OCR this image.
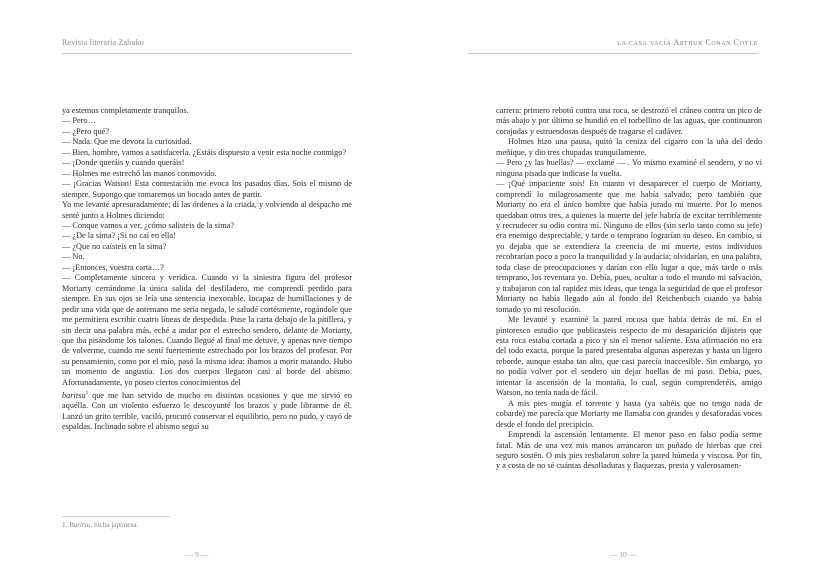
Revista literaria Zabuko

ya estemos completamente tranquilos.

— Pero…

— ¿Pero qué?

— Nada. Que me devora la curiosidad.

— Bien, hombre, vamos a satisfacerla. ¿Estáis dispuesto a venir esta noche conmigo?

— ¡Donde queráis y cuando queráis!

— Holmes me estrechó las manos conmovido.

— ¡Gracias Watson! Esta contestación me evoca los pasados días. Sois el mismo de siempre. Supongo que tomaremos un bocado antes de partir.

Yo me levanté apresuradamente; di las órdenes a la criada, y volviendo al despacho me senté junto a Holmes diciendo:

— Conque vamos a ver, ¿cómo salisteis de la sima?

— ¿De la sima? ¡Si no caí en ella!

— ¿Que no caísteis en la sima?

— No.

— ¡Entonces, vuestra carta…?

— Completamente sincera y verídica. Cuando vi la siniestra figura del profesor Moriarty cerrándome la única salida del desfiladero, me comprendí perdido para siempre. En sus ojos se leía una sentencia inexorable. Incapaz de humillaciones y de pedir una vida que de antemano me sería negada, le saludé cortésmente, rogándole que me permitiera escribir cuatro líneas de despedida. Puse la carta debajo de la pitillera, y sin decir una palabra más, eché a andar por el estrecho sendero, delante de Moriarty, que iba pisándome los talones. Cuando llegué al final me detuve, y apenas tuve tiempo de volverme, cuando me sentí fuertemente estrechado por los brazos del profesor. Por su pensamiento, como por el mío, pasó la misma idea: íbamos a morir matando. Hubo un momento de angustia. Los dos cuerpos llegaron casi al borde del abismo. Afortunadamente, yo poseo ciertos conocimientos del

baritsu$^1$ que me han servido de mucho en distintas ocasiones y que me sirvió en aquélla. Con un violento esfuerzo le descoyunté los brazos y pude librarme de él. Lanzó un grito terrible, vaciló, procuró conservar el equilibrio, pero no pudo, y cayó de espaldas. Inclinado sobre el abismo seguí su

1. Baritsu, lucha japonesa.
— 9 —
la casa vacía Arthur Conan Coyle

carrera: primero rebotó contra una roca, se destrozó el cráneo contra un pico de más abajo y por último se hundió en el torbellino de las aguas, que continuaron corajudas y estruendosas después de tragarse el cadáver.

Holmes hizo una pausa, quitó la ceniza del cigarro con la uña del dedo meñique, y dio tres chupadas tranquilamente.

— Pero ¿y las huellas? — exclamé — . Yo mismo examiné el sendero, y no vi ninguna pisada que indicase la vuelta.

— ¡Qué impaciente sois! En cuanto vi desaparecer el cuerpo de Moriarty, comprendí lo milagrosamente que me había salvado; pero también que Moriarty no era el único hombre que había jurado mi muerte. Por lo menos quedaban otros tres, a quienes la muerte del jefe habría de excitar terriblemente y recrudecer su odio contra mí. Ninguno de ellos (sin serlo tanto como su jefe) era enemigo despreciable, y tarde o temprano lograrían su deseo. En cambio, si yo dejaba que se extendiera la creencia de mi muerte, estos individuos recobrarían poco a poco la tranquilidad y la audacia; olvidarían, en una palabra, toda clase de preocupaciones y darían con ello lugar a que, más tarde o más temprano, los reventara yo. Debía, pues, ocultar a todo el mundo mi salvación, y trabajaron con tal rapidez mis ideas, que tenga la seguridad de que el profesor Moriarty no había llegado aún al fondo del Reichenbuch cuando ya había tomado yo mi resolución.

Me levanté y examiné la pared rocosa que había detrás de mí. En el pintoresco estudio que publicasteis respecto de mi desaparición dijisteis que esta roca estaba cortada a pico y sin el menor saliente. Esta afirmación no era del todo exacta, porque la pared presentaba algunas asperezas y hasta un ligero reborde, aunque estaba tan alto, que casi parecía inaccesible. Sin embargo, yo no podía volver por el sendero sin dejar huellas de mi paso. Debía, pues, intentar la ascensión de la montaña, lo cual, según comprenderéis, amigo Watson, no tenía nada de fácil.

A mis pies mugía el torrente y hasta (ya sabéis que no tengo nada de cobarde) me parecía que Moriarty me llamaba con grandes y desaforadas voces desde el fondo del precipicio.

Emprendí la ascensión lentamente. El menor paso en falso podía serme fatal. Más de una vez mis manos arrancaron un puñado de hierbas que creí seguro sostén. O mis pies resbalaron sobre la pared húmeda y viscosa. Por fin, y a costa de no sé cuántas desolladuras y flaquezas, presta y valerosamen-

— 10 —
